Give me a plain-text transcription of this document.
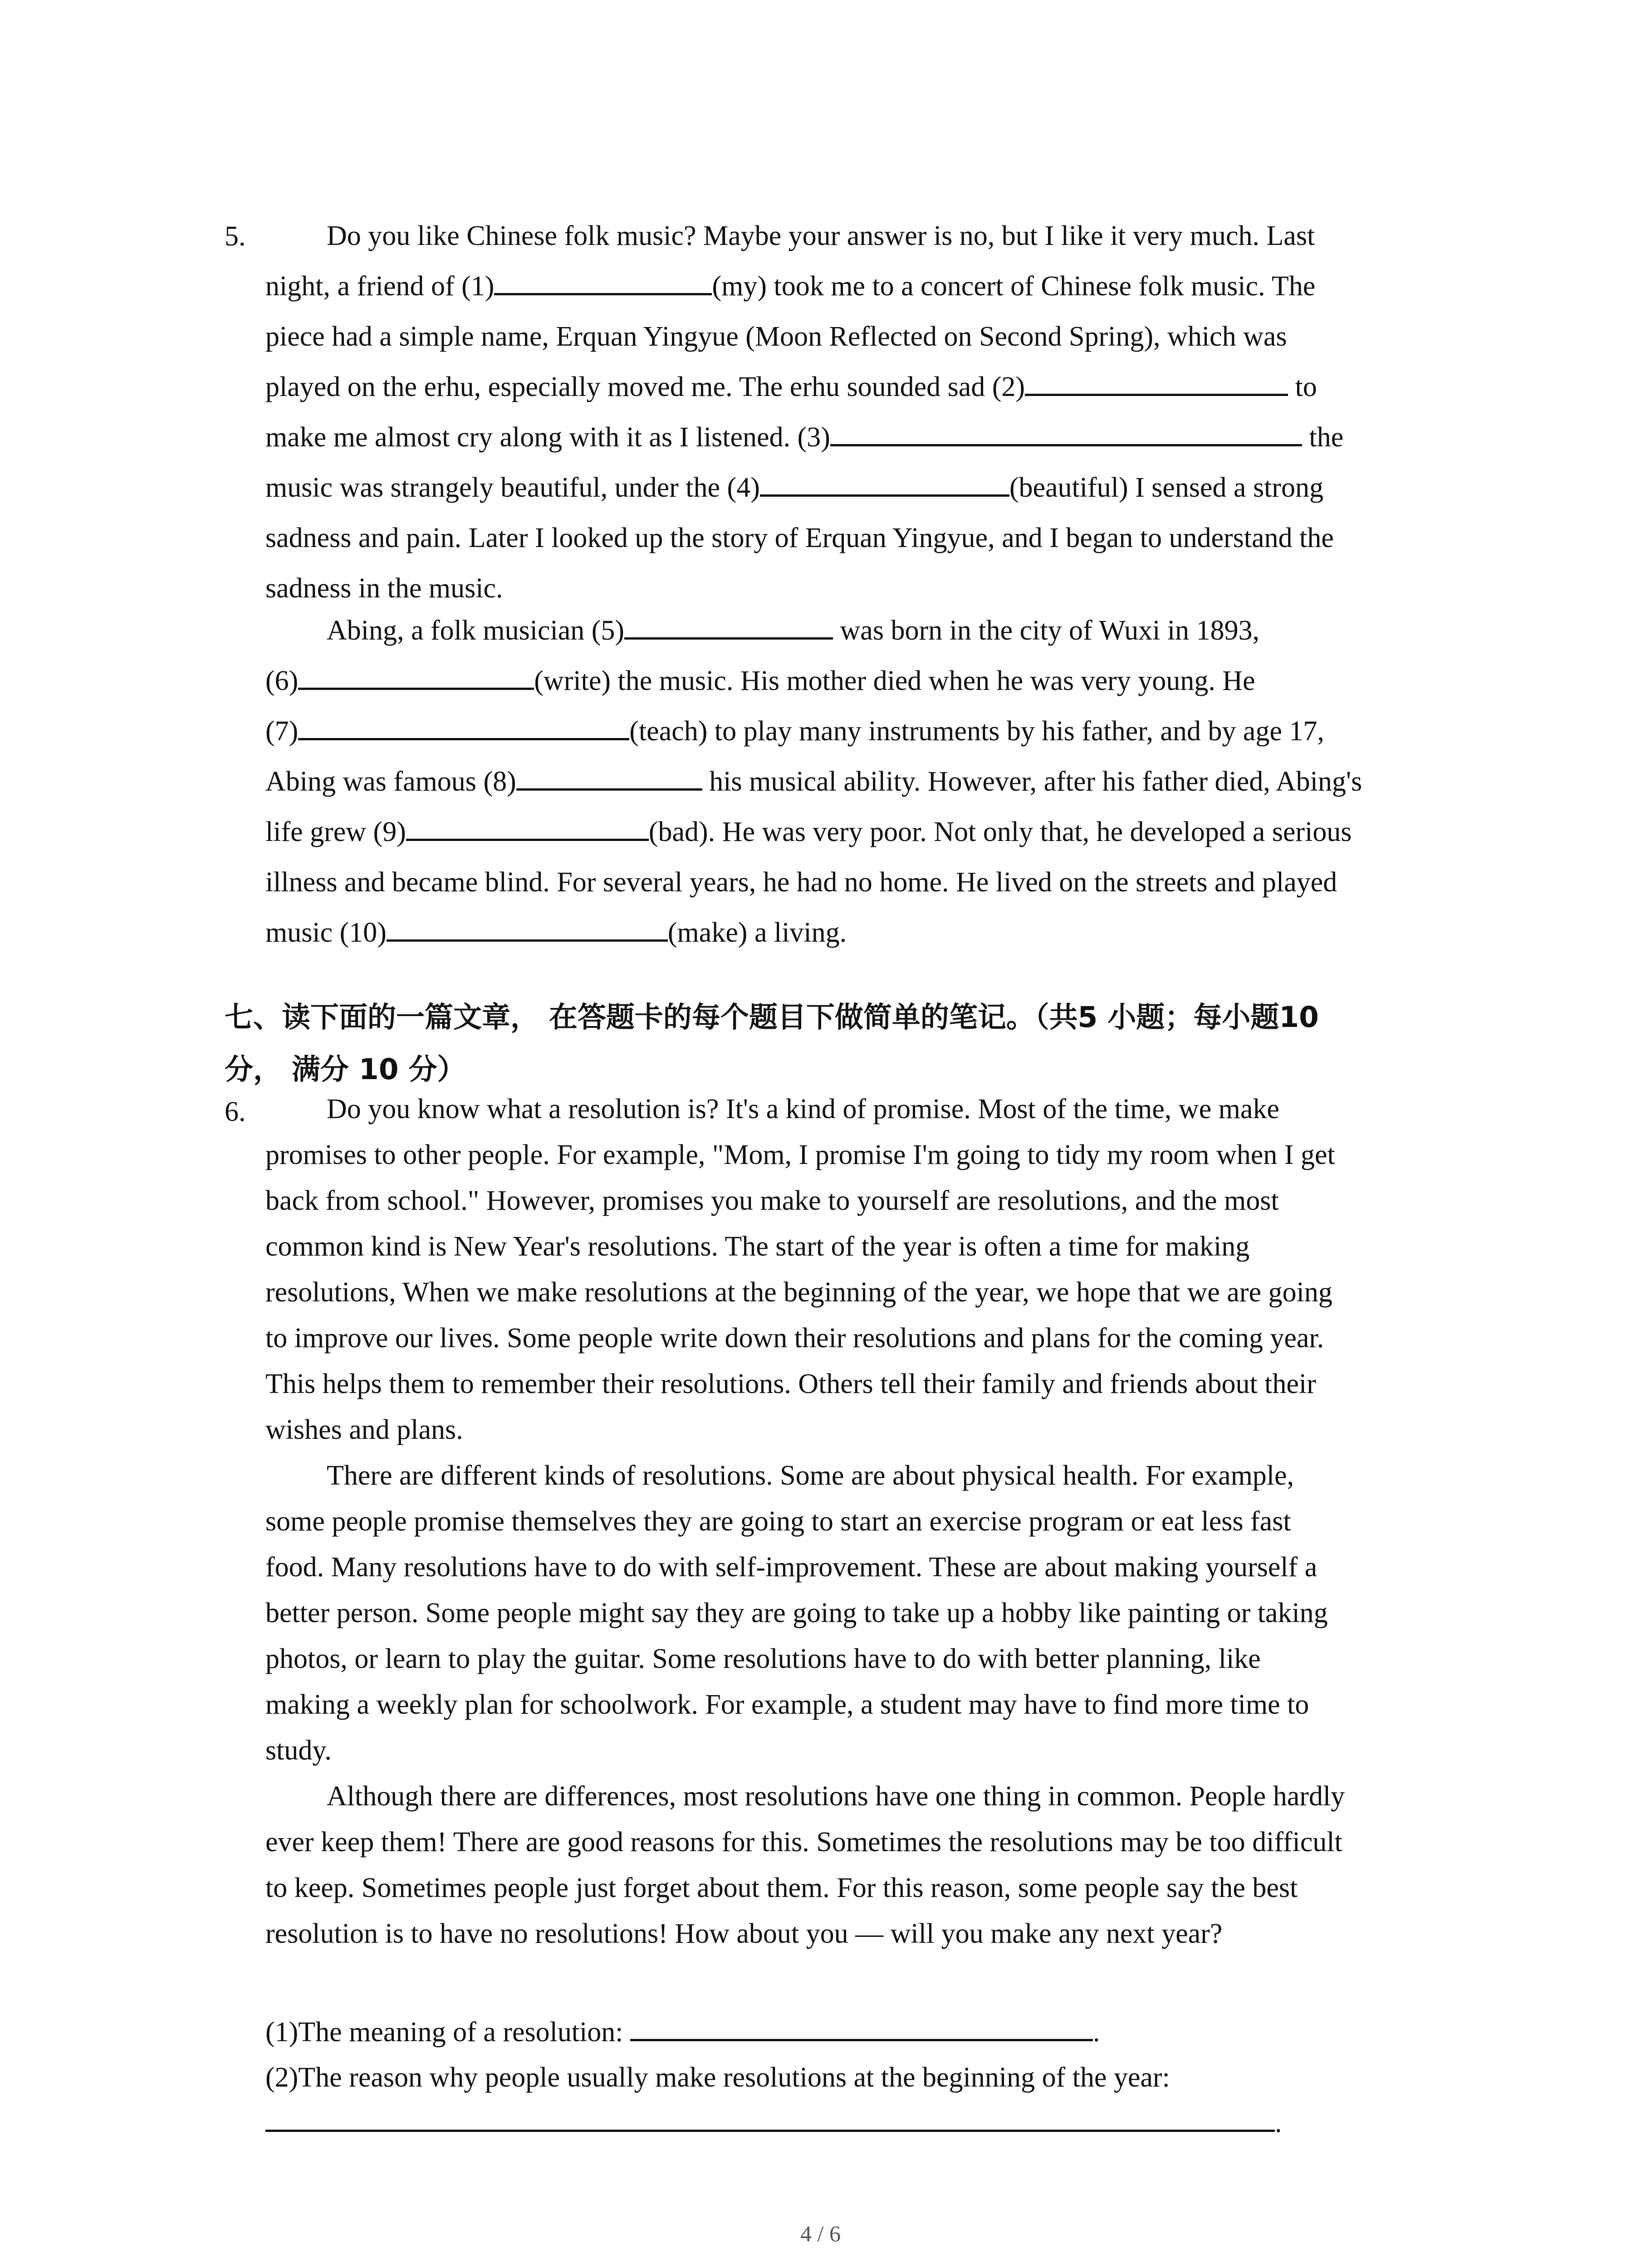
5.	Do you like Chinese folk music? Maybe your answer is no, but I like it very much. Last

night, a friend of (1)	(my) took me to a concert of Chinese folk music. The

piece had a simple name, Erquan Yingyue (Moon Reflected on Second Spring), which was

played on the erhu, especially moved me. The erhu sounded sad (2)	to

make me almost cry along with it as I listened. (3)	the

music was strangely beautiful, under the (4)	(beautiful) I sensed a strong

sadness and pain. Later I looked up the story of Erquan Yingyue, and I began to understand the

sadness in the music.

Abing, a folk musician (5)	was born in the city of Wuxi in 1893,

(6)	(write) the music. His mother died when he was very young. He

(7)	(teach) to play many instruments by his father, and by age 17,

Abing was famous (8)	his musical ability. However, after his father died, Abing's

life grew (9)	(bad). He was very poor. Not only that, he developed a serious

illness and became blind. For several years, he had no home. He lived on the streets and played

music (10)	(make) a living.

七、读下面的一篇文章， 在答题卡的每个题目下做简单的笔记。（共5 小题；每小题10
分， 满分 10 分）
6.	Do you know what a resolution is? It's a kind of promise. Most of the time, we make

promises to other people. For example, "Mom, I promise I'm going to tidy my room when I get

back from school." However, promises you make to yourself are resolutions, and the most

common kind is New Year's resolutions. The start of the year is often a time for making

resolutions, When we make resolutions at the beginning of the year, we hope that we are going

to improve our lives. Some people write down their resolutions and plans for the coming year.

This helps them to remember their resolutions. Others tell their family and friends about their

wishes and plans.

There are different kinds of resolutions. Some are about physical health. For example,

some people promise themselves they are going to start an exercise program or eat less fast

food. Many resolutions have to do with self-improvement. These are about making yourself a

better person. Some people might say they are going to take up a hobby like painting or taking

photos, or learn to play the guitar. Some resolutions have to do with better planning, like

making a weekly plan for schoolwork. For example, a student may have to find more time to

study.

Although there are differences, most resolutions have one thing in common. People hardly

ever keep them! There are good reasons for this. Sometimes the resolutions may be too difficult

to keep. Sometimes people just forget about them. For this reason, some people say the best

resolution is to have no resolutions! How about you — will you make any next year?

(1)The meaning of a resolution:	.
(2)The reason why people usually make resolutions at the beginning of the year:
.
4 / 6
